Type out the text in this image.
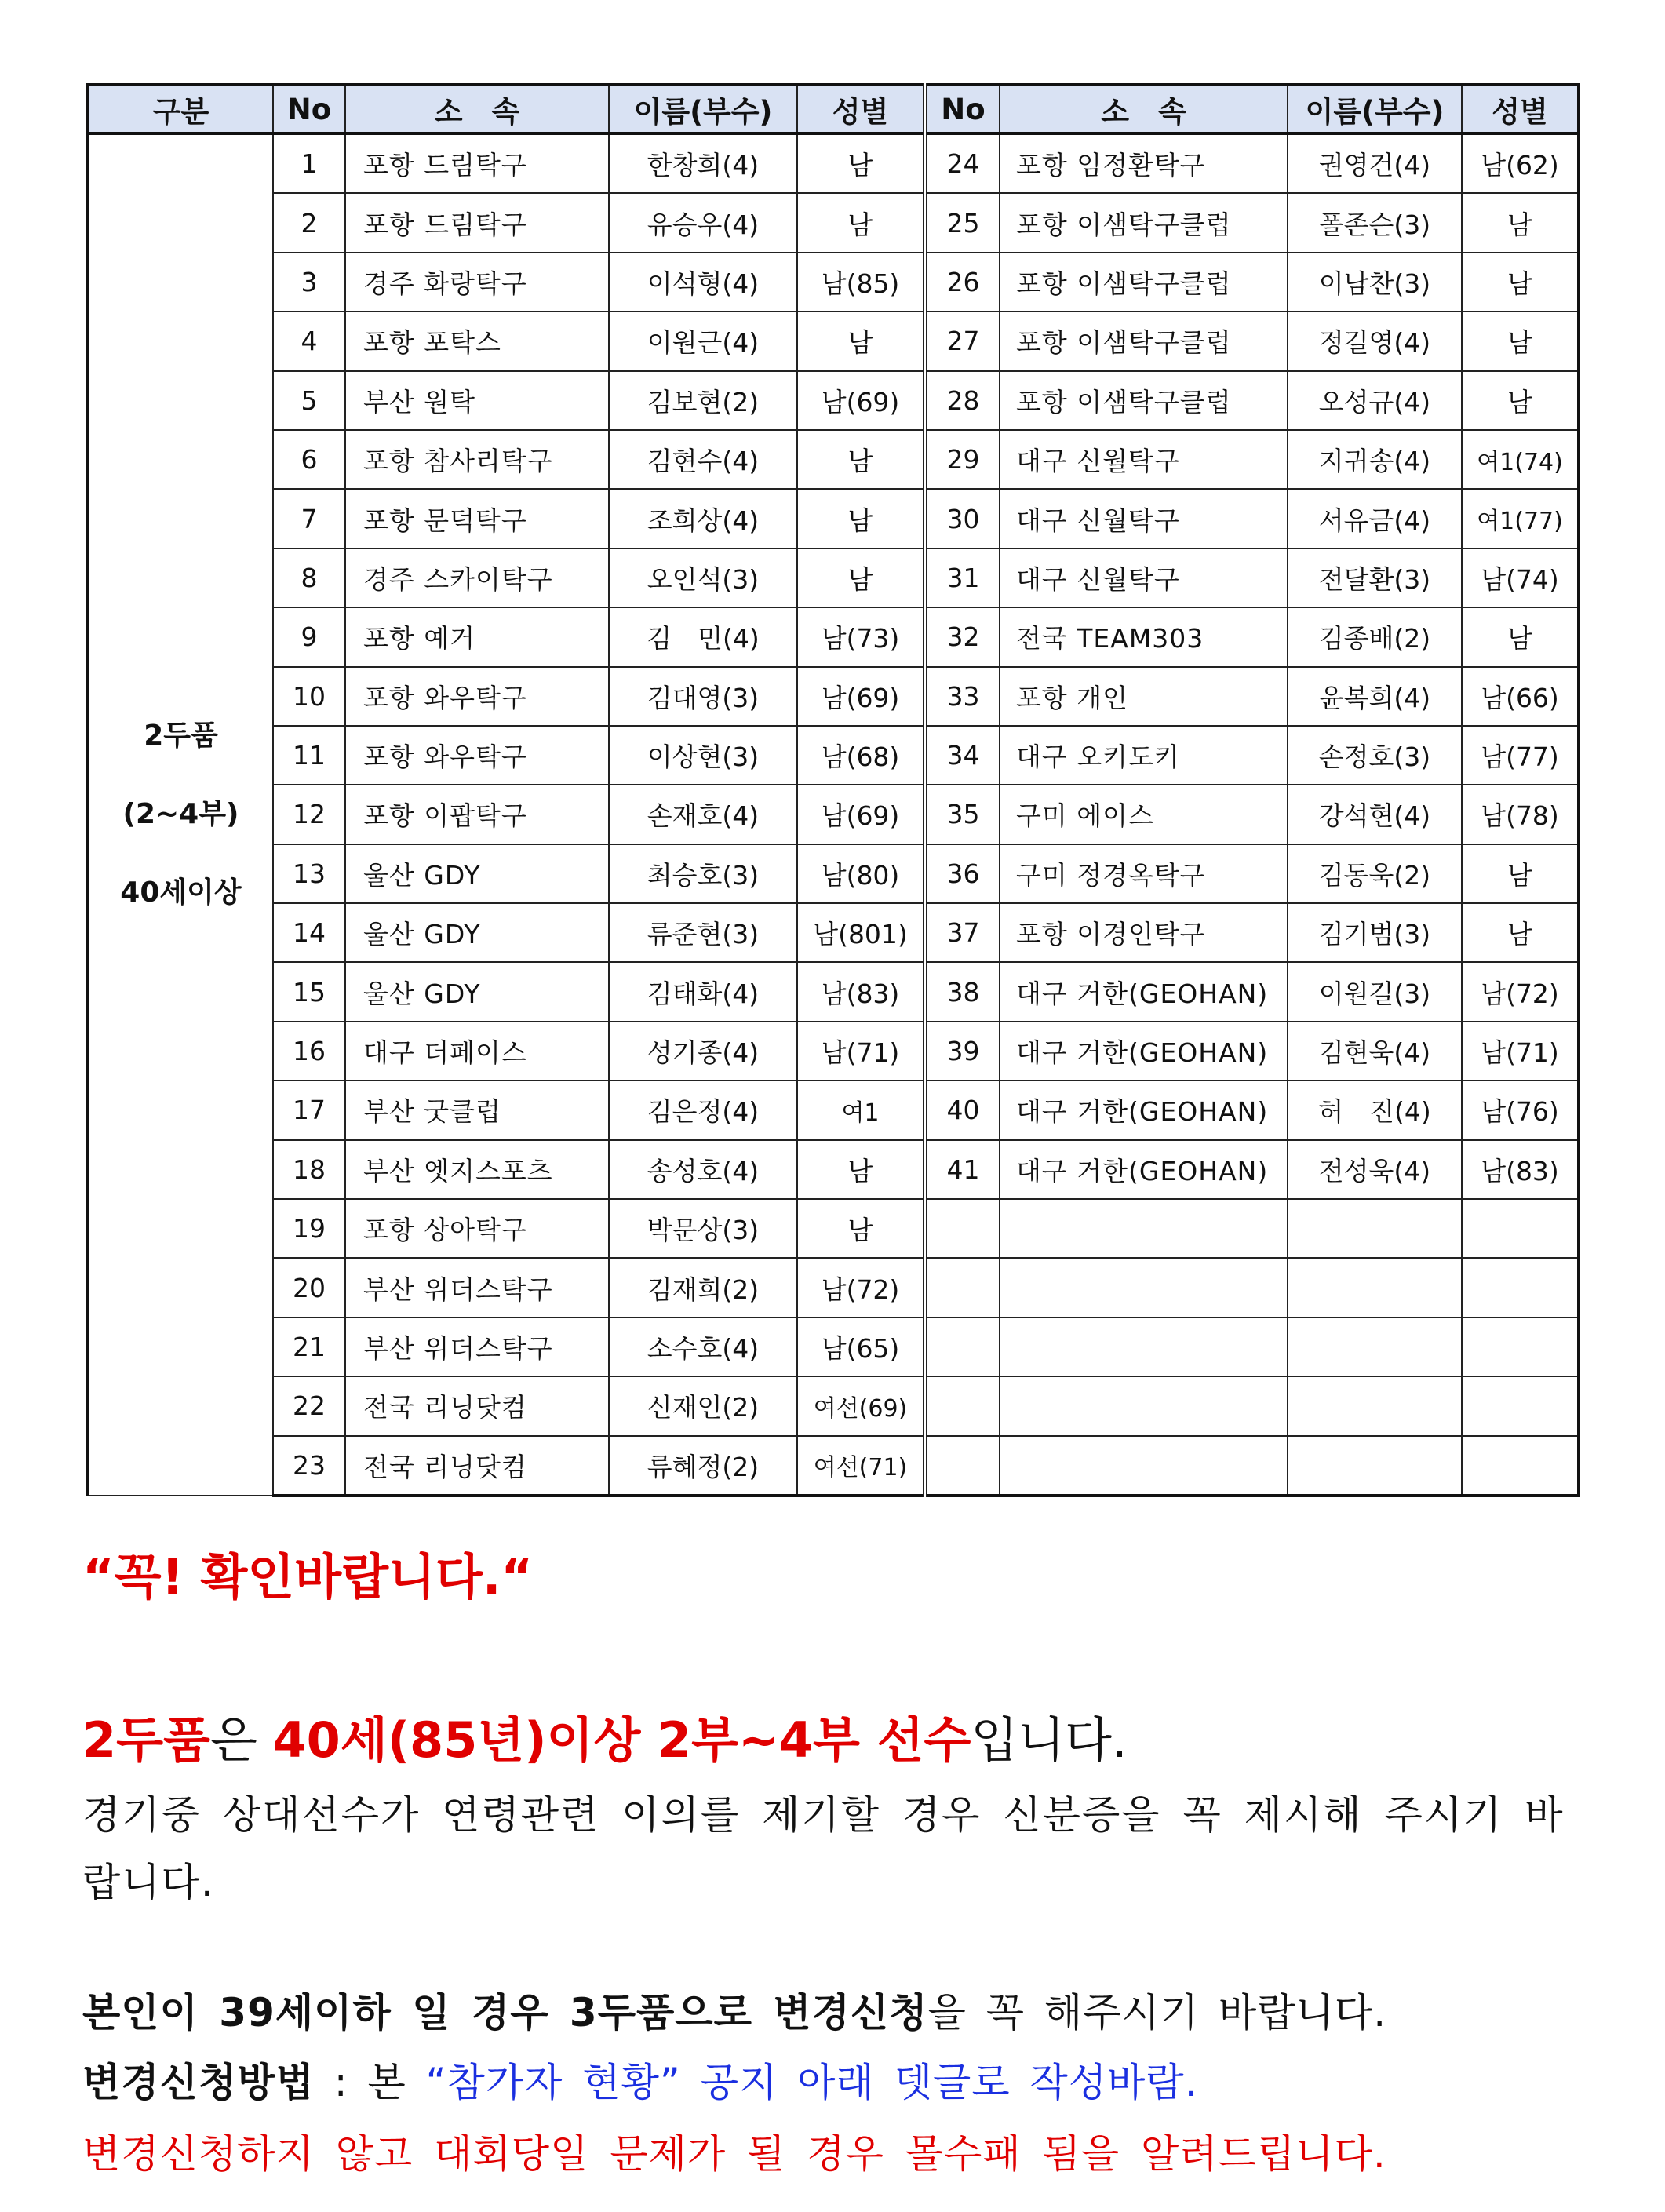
구분	No	소　속	이름(부수)	성별	No	소　속	이름(부수)	성별

2두품
(2~4부)
40세이상	1	포항 드림탁구	한창희(4)	남	24	포항 임정환탁구	권영건(4)	남(62)
	2	포항 드림탁구	유승우(4)	남	25	포항 이샘탁구클럽	폴존슨(3)	남
	3	경주 화랑탁구	이석형(4)	남(85)	26	포항 이샘탁구클럽	이남찬(3)	남
	4	포항 포탁스	이원근(4)	남	27	포항 이샘탁구클럽	정길영(4)	남
	5	부산 원탁	김보현(2)	남(69)	28	포항 이샘탁구클럽	오성규(4)	남
	6	포항 참사리탁구	김현수(4)	남	29	대구 신월탁구	지귀송(4)	여1(74)
	7	포항 문덕탁구	조희상(4)	남	30	대구 신월탁구	서유금(4)	여1(77)
	8	경주 스카이탁구	오인석(3)	남	31	대구 신월탁구	전달환(3)	남(74)
	9	포항 예거	김　민(4)	남(73)	32	전국 TEAM303	김종배(2)	남
	10	포항 와우탁구	김대영(3)	남(69)	33	포항 개인	윤복희(4)	남(66)
	11	포항 와우탁구	이상현(3)	남(68)	34	대구 오키도키	손정호(3)	남(77)
	12	포항 이팝탁구	손재호(4)	남(69)	35	구미 에이스	강석현(4)	남(78)
	13	울산 GDY	최승호(3)	남(80)	36	구미 정경옥탁구	김동욱(2)	남
	14	울산 GDY	류준현(3)	남(801)	37	포항 이경인탁구	김기범(3)	남
	15	울산 GDY	김태화(4)	남(83)	38	대구 거한(GEOHAN)	이원길(3)	남(72)
	16	대구 더페이스	성기종(4)	남(71)	39	대구 거한(GEOHAN)	김현욱(4)	남(71)
	17	부산 굿클럽	김은정(4)	여1	40	대구 거한(GEOHAN)	허　진(4)	남(76)
	18	부산 엣지스포츠	송성호(4)	남	41	대구 거한(GEOHAN)	전성욱(4)	남(83)
	19	포항 상아탁구	박문상(3)	남				
	20	부산 위더스탁구	김재희(2)	남(72)				
	21	부산 위더스탁구	소수호(4)	남(65)				
	22	전국 리닝닷컴	신재인(2)	여선(69)				
	23	전국 리닝닷컴	류혜정(2)	여선(71)				
“꼭! 확인바랍니다.“
2두품은 40세(85년)이상 2부~4부 선수입니다.
경기중 상대선수가 연령관련 이의를 제기할 경우 신분증을 꼭 제시해 주시기 바랍니다.
본인이 39세이하 일 경우 3두품으로 변경신청을 꼭 해주시기 바랍니다.
변경신청방법 : 본 “참가자 현황” 공지 아래 뎃글로 작성바람.
변경신청하지 않고 대회당일 문제가 될 경우 몰수패 됨을 알려드립니다.
